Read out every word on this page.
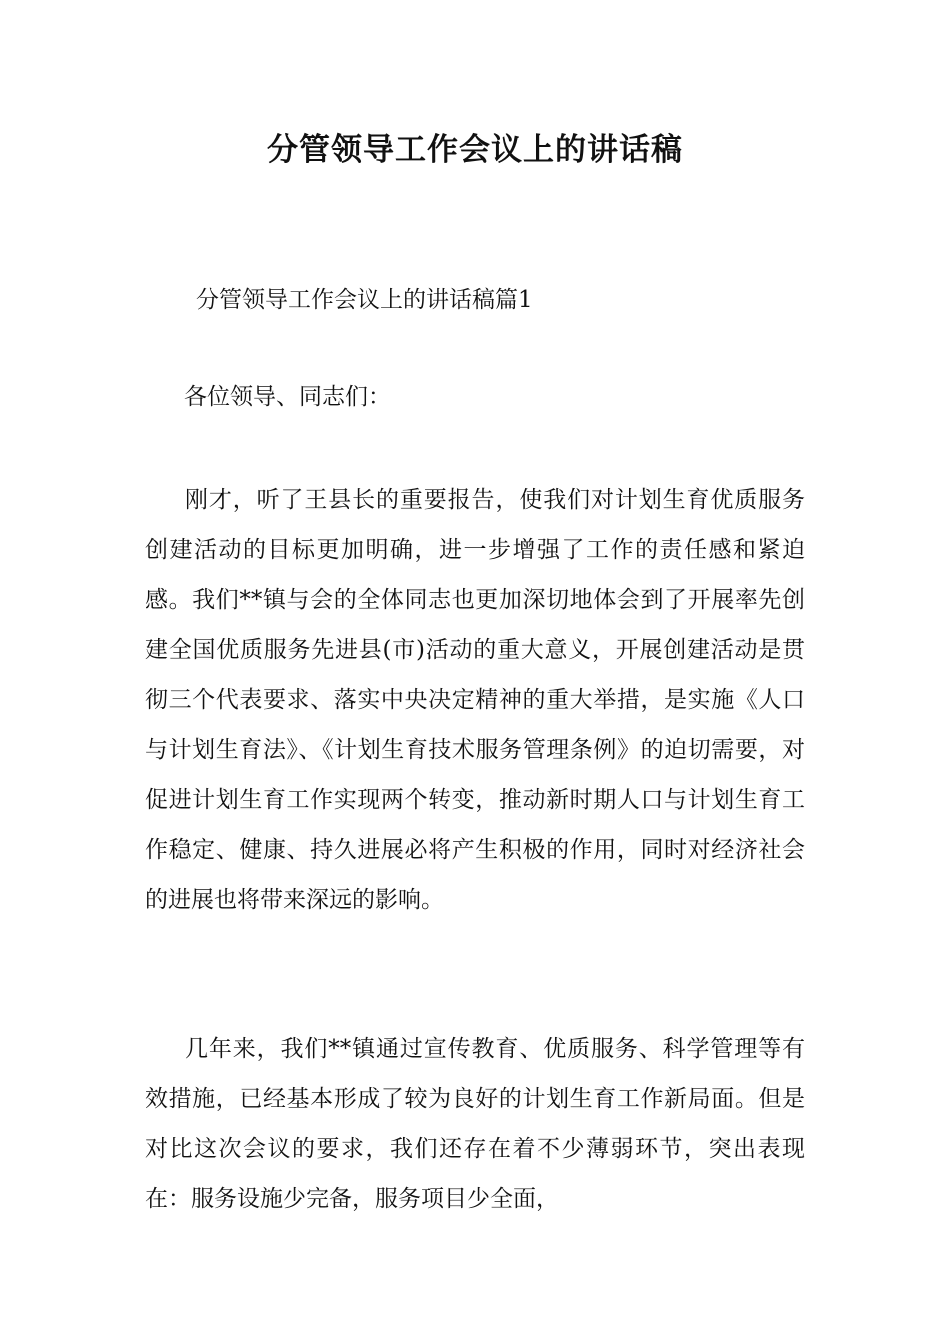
分管领导工作会议上的讲话稿

分管领导工作会议上的讲话稿篇1

各位领导、同志们：

刚才，听了王县长的重要报告，使我们对计划生育优质服务创建活动的目标更加明确，进一步增强了工作的责任感和紧迫感。我们**镇与会的全体同志也更加深切地体会到了开展率先创建全国优质服务先进县(市)活动的重大意义，开展创建活动是贯彻三个代表要求、落实中央决定精神的重大举措，是实施《人口与计划生育法》、《计划生育技术服务管理条例》的迫切需要，对促进计划生育工作实现两个转变，推动新时期人口与计划生育工作稳定、健康、持久进展必将产生积极的作用，同时对经济社会的进展也将带来深远的影响。

几年来，我们**镇通过宣传教育、优质服务、科学管理等有效措施，已经基本形成了较为良好的计划生育工作新局面。但是对比这次会议的要求，我们还存在着不少薄弱环节，突出表现在：服务设施少完备，服务项目少全面，
